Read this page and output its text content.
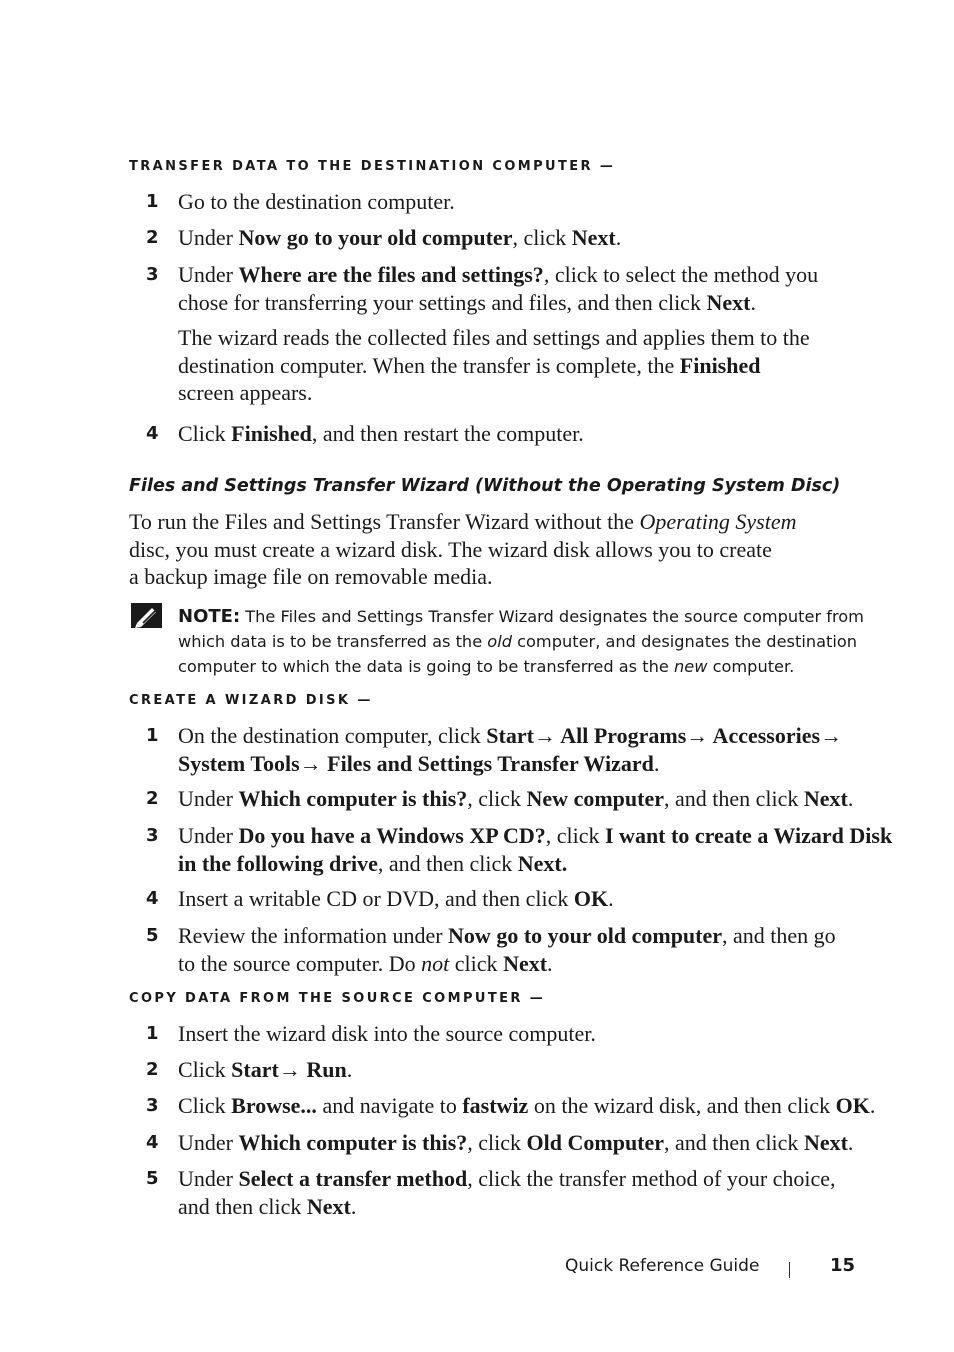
TRANSFER DATA TO THE DESTINATION COMPUTER —
1 Go to the destination computer.
2 Under Now go to your old computer, click Next.
3 Under Where are the files and settings?, click to select the method you
chose for transferring your settings and files, and then click Next.
The wizard reads the collected files and settings and applies them to the
destination computer. When the transfer is complete, the Finished
screen appears.
4 Click Finished, and then restart the computer.
Files and Settings Transfer Wizard (Without the Operating System Disc)
To run the Files and Settings Transfer Wizard without the Operating System
disc, you must create a wizard disk. The wizard disk allows you to create
a backup image file on removable media.
NOTE: The Files and Settings Transfer Wizard designates the source computer from
which data is to be transferred as the old computer, and designates the destination
computer to which the data is going to be transferred as the new computer.
CREATE A WIZARD DISK —
1 On the destination computer, click Start→ All Programs→ Accessories→
System Tools→ Files and Settings Transfer Wizard.
2 Under Which computer is this?, click New computer, and then click Next.
3 Under Do you have a Windows XP CD?, click I want to create a Wizard Disk
in the following drive, and then click Next.
4 Insert a writable CD or DVD, and then click OK.
5 Review the information under Now go to your old computer, and then go
to the source computer. Do not click Next.
COPY DATA FROM THE SOURCE COMPUTER —
1 Insert the wizard disk into the source computer.
2 Click Start→ Run.
3 Click Browse... and navigate to fastwiz on the wizard disk, and then click OK.
4 Under Which computer is this?, click Old Computer, and then click Next.
5 Under Select a transfer method, click the transfer method of your choice,
and then click Next.
Quick Reference Guide	15
